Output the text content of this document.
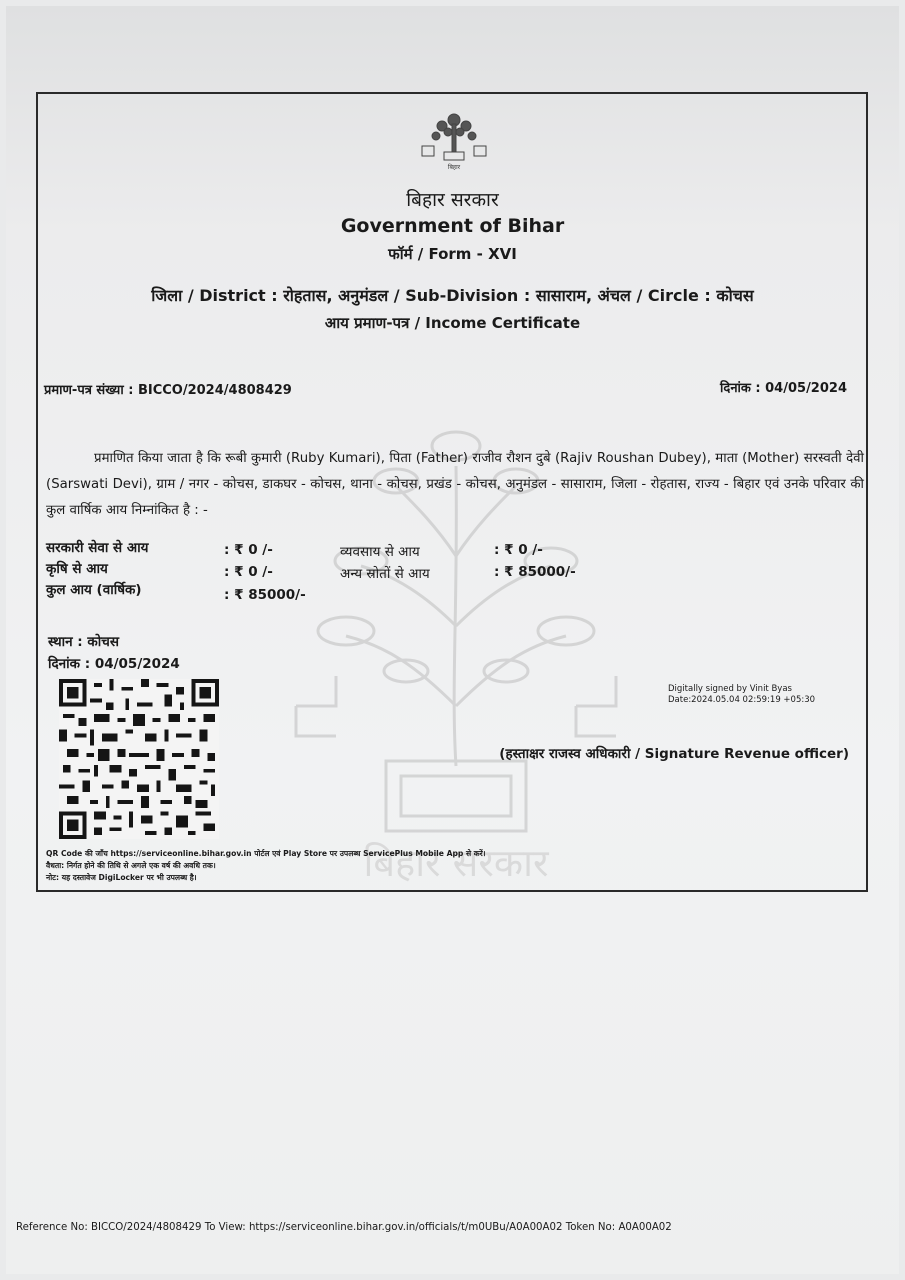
बिहार सरकार
बिहार
बिहार सरकार
Government of Bihar
फॉर्म / Form - XVI
जिला / District : रोहतास, अनुमंडल / Sub-Division : सासाराम, अंचल / Circle : कोचस
आय प्रमाण-पत्र / Income Certificate
प्रमाण-पत्र संख्या : BICCO/2024/4808429	दिनांक : 04/05/2024
प्रमाणित किया जाता है कि रूबी कुमारी (Ruby Kumari), पिता (Father) राजीव रौशन दुबे (Rajiv Roushan Dubey), माता (Mother) सरस्वती देवी (Sarswati Devi), ग्राम / नगर - कोचस, डाकघर - कोचस, थाना - कोचस, प्रखंड - कोचस, अनुमंडल - सासाराम, जिला - रोहतास, राज्य - बिहार एवं उनके परिवार की कुल वार्षिक आय निम्नांकित है : -
सरकारी सेवा से आय	: ₹ 0 /-	व्यवसाय से आय	: ₹ 0 /-
कृषि से आय	: ₹ 0 /-	अन्य स्रोतों से आय	: ₹ 85000/-
कुल आय (वार्षिक)	: ₹ 85000/-
स्थान : कोचस
दिनांक : 04/05/2024
Digitally signed by Vinit Byas
Date:2024.05.04 02:59:19 +05:30
(हस्ताक्षर राजस्व अधिकारी / Signature Revenue officer)
QR Code की जाँच https://serviceonline.bihar.gov.in पोर्टल एवं Play Store पर उपलब्ध ServicePlus Mobile App से करें।
वैधता: निर्गत होने की तिथि से अगले एक वर्ष की अवधि तक।
नोट: यह दस्तावेज DigiLocker पर भी उपलब्ध है।
Reference No: BICCO/2024/4808429 To View: https://serviceonline.bihar.gov.in/officials/t/m0UBu/A0A00A02 Token No: A0A00A02
